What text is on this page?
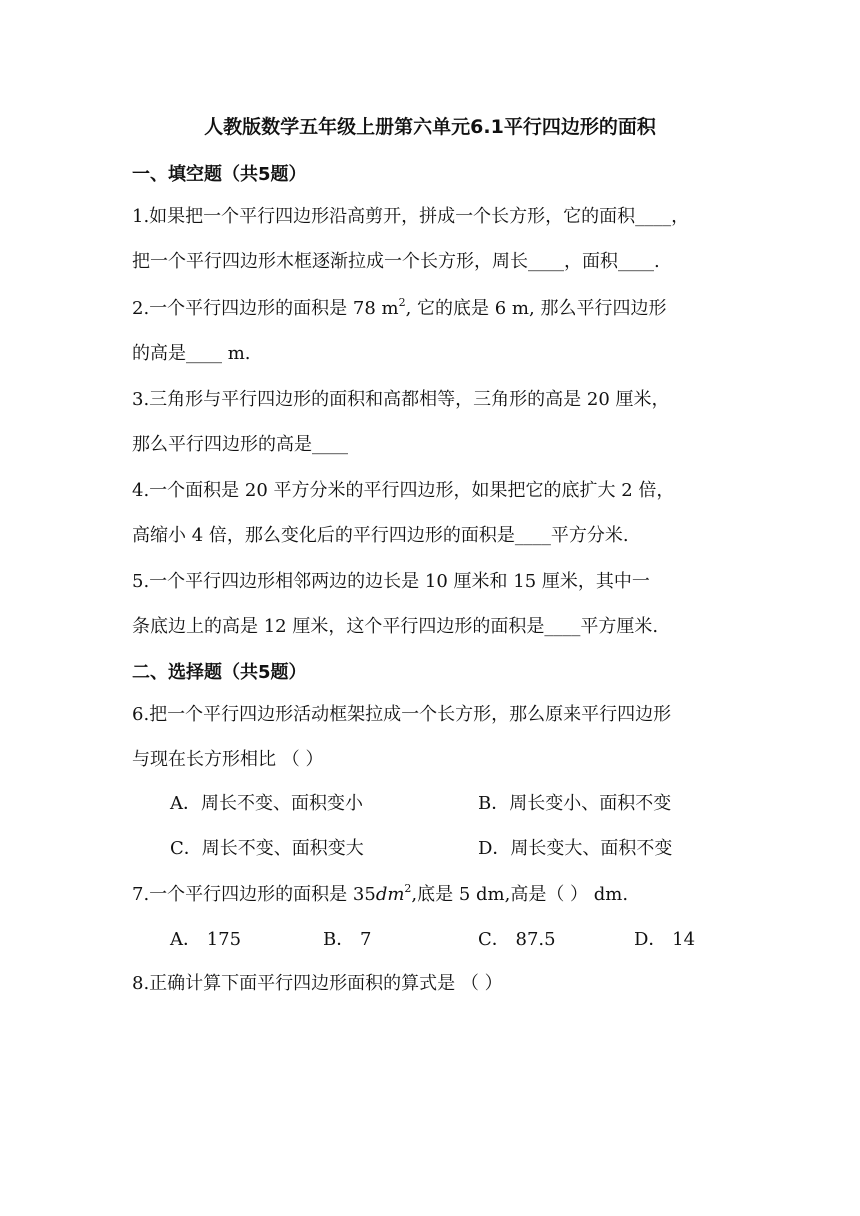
人教版数学五年级上册第六单元6.1平行四边形的面积
一、填空题（共5题）
1.如果把一个平行四边形沿高剪开，拼成一个长方形，它的面积____，
把一个平行四边形木框逐渐拉成一个长方形，周长____，面积____.
2.一个平行四边形的面积是 78 $m^2$, 它的底是 6 m, 那么平行四边形
的高是____ m.
3.三角形与平行四边形的面积和高都相等，三角形的高是 20 厘米，
那么平行四边形的高是____
4.一个面积是 20 平方分米的平行四边形，如果把它的底扩大 2 倍，
高缩小 4 倍，那么变化后的平行四边形的面积是____平方分米.
5.一个平行四边形相邻两边的边长是 10 厘米和 15 厘米，其中一
条底边上的高是 12 厘米，这个平行四边形的面积是____平方厘米.
二、选择题（共5题）
6.把一个平行四边形活动框架拉成一个长方形，那么原来平行四边形
与现在长方形相比 （ ）
A．周长不变、面积变小	B．周长变小、面积不变
C．周长不变、面积变大	D．周长变大、面积不变
7.一个平行四边形的面积是 $35dm^2$,底是 5 dm,高是（ ） dm.
A． 175	B． 7	C． 87.5	D． 14
8.正确计算下面平行四边形面积的算式是 （ ）
